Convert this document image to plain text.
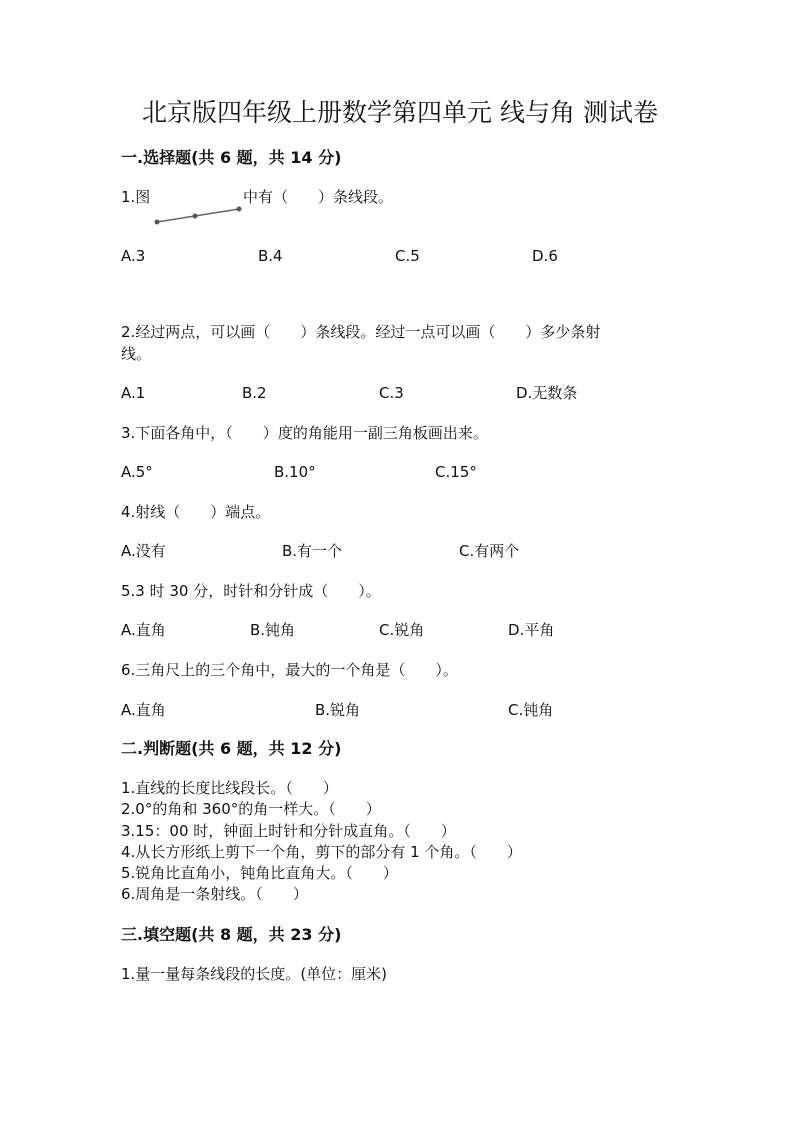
北京版四年级上册数学第四单元 线与角 测试卷
一.选择题(共 6 题，共 14 分)
1.图	中有（　　）条线段。
A.3	B.4	C.5	D.6
2.经过两点，可以画（　　）条线段。经过一点可以画（　　）多少条射
线。
A.1	B.2	C.3	D.无数条
3.下面各角中，（　　）度的角能用一副三角板画出来。
A.5°	B.10°	C.15°
4.射线（　　）端点。
A.没有	B.有一个	C.有两个
5.3 时 30 分，时针和分针成（　　）。
A.直角	B.钝角	C.锐角	D.平角
6.三角尺上的三个角中，最大的一个角是（　　）。
A.直角	B.锐角	C.钝角
二.判断题(共 6 题，共 12 分)
1.直线的长度比线段长。（　　）
2.0°的角和 360°的角一样大。（　　）
3.15：00 时，钟面上时针和分针成直角。（　　）
4.从长方形纸上剪下一个角，剪下的部分有 1 个角。（　　）
5.锐角比直角小，钝角比直角大。（　　）
6.周角是一条射线。（　　）
三.填空题(共 8 题，共 23 分)
1.量一量每条线段的长度。(单位：厘米)
